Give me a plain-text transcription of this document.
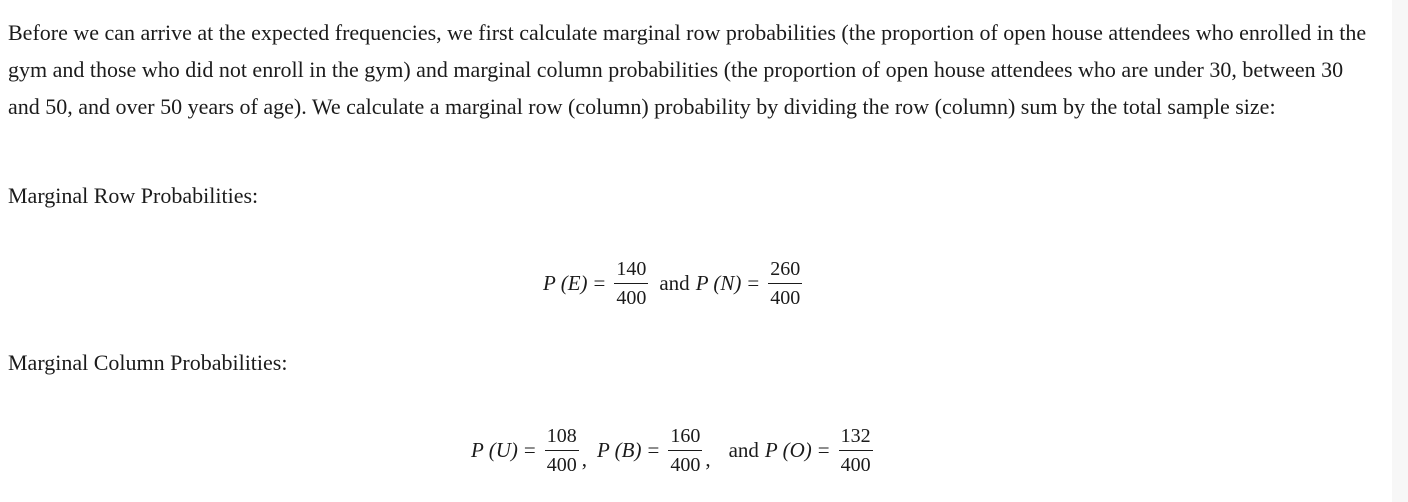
Before we can arrive at the expected frequencies, we first calculate marginal row probabilities (the proportion of open house attendees who enrolled in the gym and those who did not enroll in the gym) and marginal column probabilities (the proportion of open house attendees who are under 30, between 30 and 50, and over 50 years of age). We calculate a marginal row (column) probability by dividing the row (column) sum by the total sample size:

Marginal Row Probabilities:

P $(E) = \frac{140}{400}$ and P $(N) = \frac{260}{400}$

Marginal Column Probabilities:

P $(U) = \frac{108}{400}$ , P $(B) = \frac{160}{400}$ , and P $(O) = \frac{132}{400}$
